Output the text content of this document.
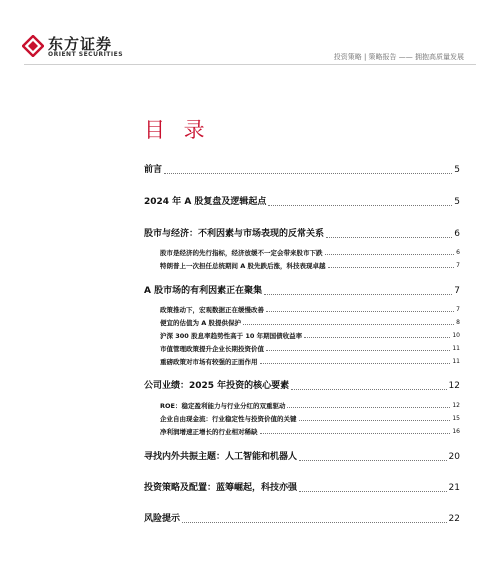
东方证券
ORIENT SECURITIES	投资策略 | 策略报告 —— 拥抱高质量发展
目 录
前言	5
2024 年 A 股复盘及逻辑起点	5
股市与经济：不利因素与市场表现的反常关系	6
股市是经济的先行指标，经济放缓不一定会带来股市下跌	6
特朗普上一次担任总统期间 A 股先跌后涨，科技表现卓越	7
A 股市场的有利因素正在聚集	7
政策推动下，宏观数据正在缓慢改善	7
便宜的估值为 A 股提供保护	8
沪深 300 股息率趋势性高于 10 年期国债收益率	10
市值管理政策提升企业长期投资价值	11
重磅政策对市场有较强的正面作用	11
公司业绩：2025 年投资的核心要素	12
ROE：稳定盈利能力与行业分红的双重驱动	12
企业自由现金流：行业稳定性与投资价值的关键	15
净利润增速正增长的行业相对稀缺	16
寻找内外共振主题：人工智能和机器人	20
投资策略及配置：蓝筹崛起，科技亦强	21
风险提示	22
